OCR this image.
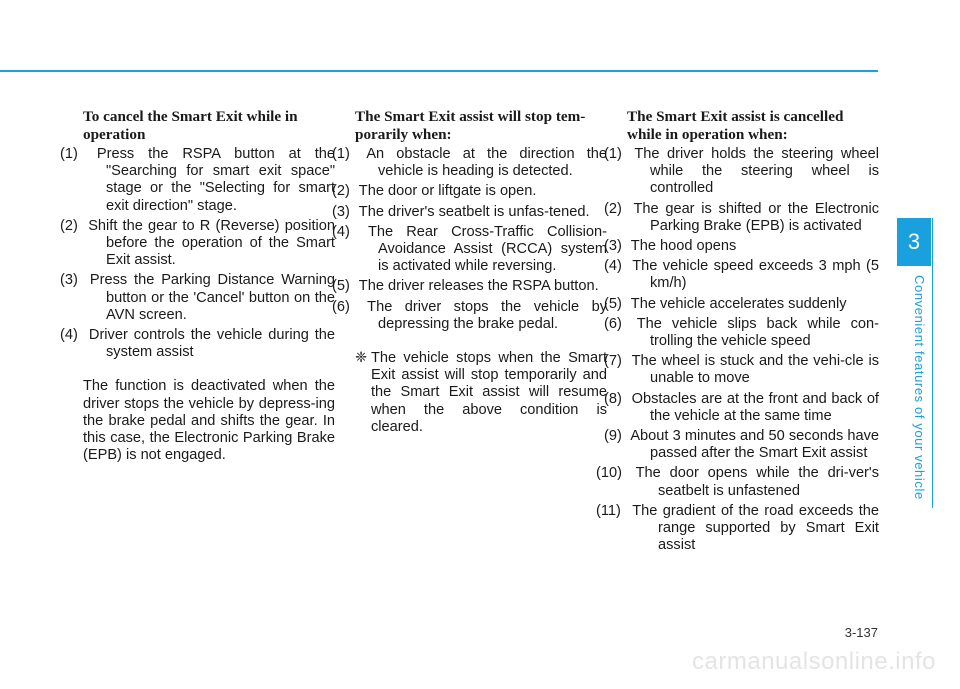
To cancel the Smart Exit while in operation
(1) Press the RSPA button at the "Searching for smart exit space" stage or the "Selecting for smart exit direction" stage.
(2) Shift the gear to R (Reverse) position before the operation of the Smart Exit assist.
(3) Press the Parking Distance Warning button or the 'Cancel' button on the AVN screen.
(4) Driver controls the vehicle during the system assist
The function is deactivated when the driver stops the vehicle by depress-ing the brake pedal and shifts the gear. In this case, the Electronic Parking Brake (EPB) is not engaged.
The Smart Exit assist will stop tem-porarily when:
(1) An obstacle at the direction the vehicle is heading is detected.
(2) The door or liftgate is open.
(3) The driver's seatbelt is unfas-tened.
(4) The Rear Cross-Traffic Collision-Avoidance Assist (RCCA) system is activated while reversing.
(5) The driver releases the RSPA button.
(6) The driver stops the vehicle by depressing the brake pedal.
❈ The vehicle stops when the Smart Exit assist will stop temporarily and the Smart Exit assist will resume when the above condition is cleared.
The Smart Exit assist is cancelled while in operation when:
(1) The driver holds the steering wheel while the steering wheel is controlled
(2) The gear is shifted or the Electronic Parking Brake (EPB) is activated
(3) The hood opens
(4) The vehicle speed exceeds 3 mph (5 km/h)
(5) The vehicle accelerates suddenly
(6) The vehicle slips back while con-trolling the vehicle speed
(7) The wheel is stuck and the vehi-cle is unable to move
(8) Obstacles are at the front and back of the vehicle at the same time
(9) About 3 minutes and 50 seconds have passed after the Smart Exit assist
(10) The door opens while the dri-ver's seatbelt is unfastened
(11) The gradient of the road exceeds the range supported by Smart Exit assist
3
Convenient features of your vehicle
3-137
carmanualsonline.info
